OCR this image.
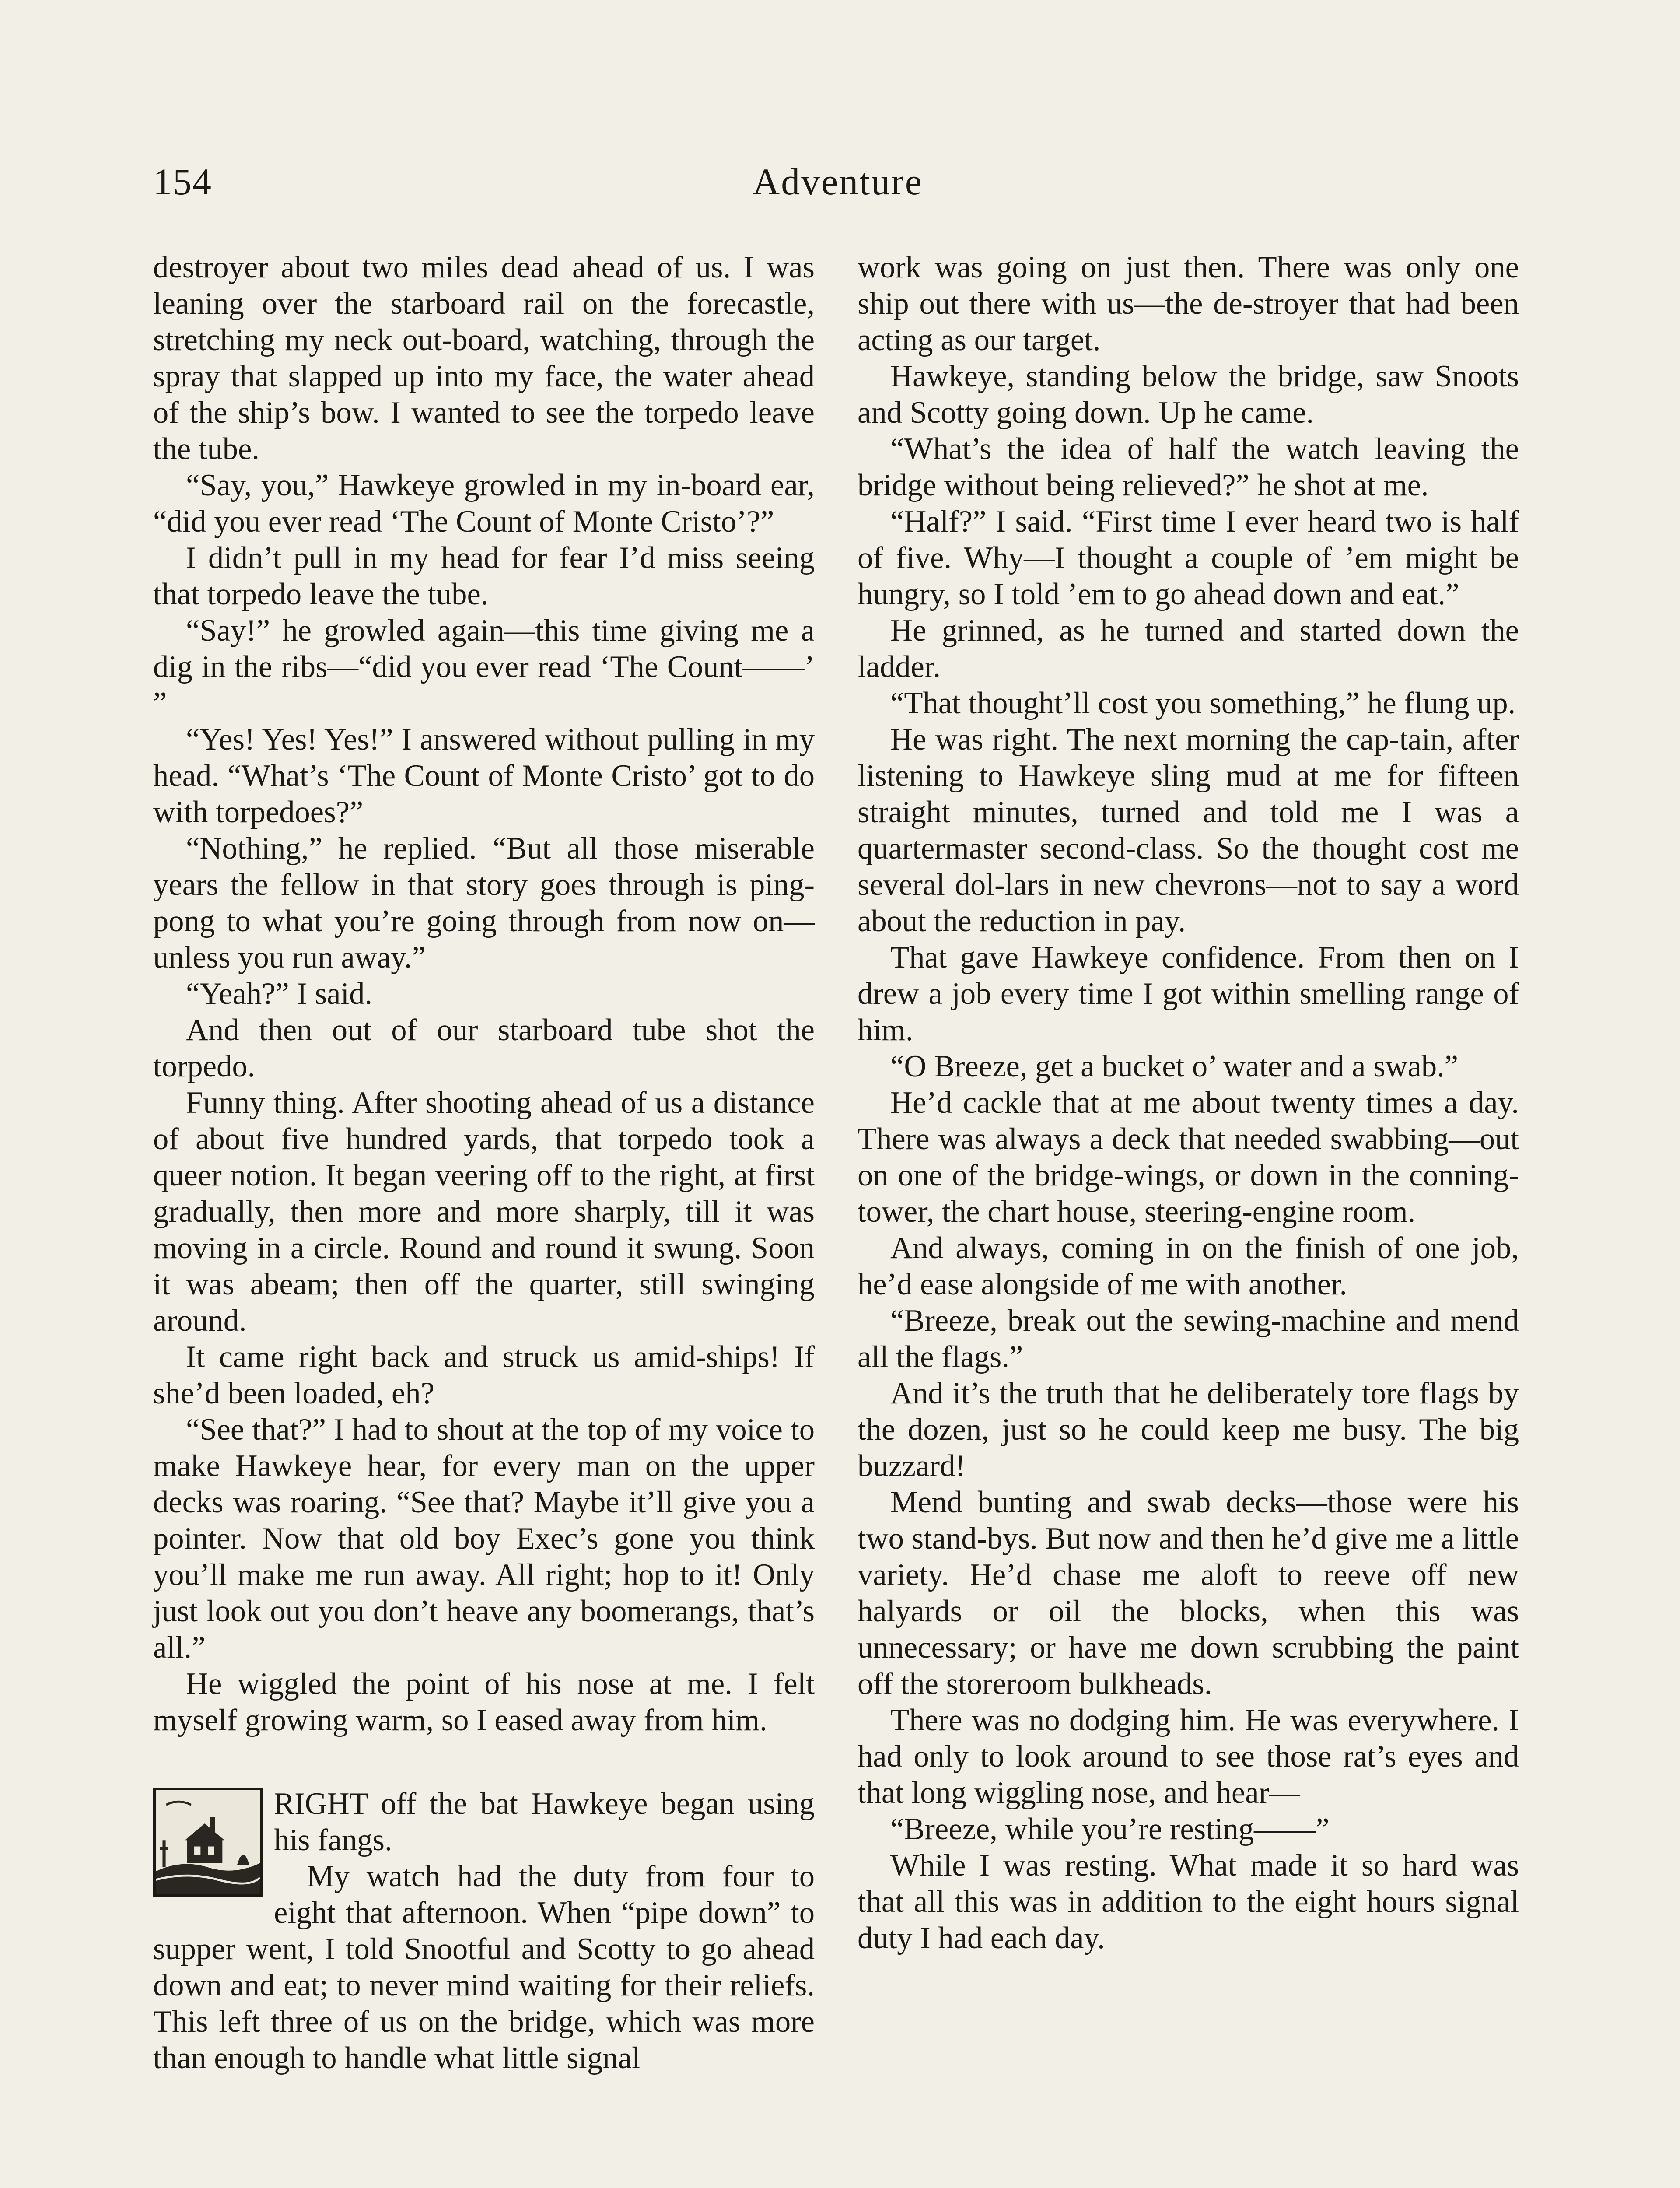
154	Adventure

destroyer about two miles dead ahead of us. I was leaning over the starboard rail on the forecastle, stretching my neck out-board, watching, through the spray that slapped up into my face, the water ahead of the ship’s bow. I wanted to see the torpedo leave the tube.

“Say, you,” Hawkeye growled in my in-board ear, “did you ever read ‘The Count of Monte Cristo’?”

I didn’t pull in my head for fear I’d miss seeing that torpedo leave the tube.

“Say!” he growled again—this time giving me a dig in the ribs—“did you ever read ‘The Count——’ ”

“Yes! Yes! Yes!” I answered without pulling in my head. “What’s ‘The Count of Monte Cristo’ got to do with torpedoes?”

“Nothing,” he replied. “But all those miserable years the fellow in that story goes through is ping-pong to what you’re going through from now on—unless you run away.”

“Yeah?” I said.

And then out of our starboard tube shot the torpedo.

Funny thing. After shooting ahead of us a distance of about five hundred yards, that torpedo took a queer notion. It began veering off to the right, at first gradually, then more and more sharply, till it was moving in a circle. Round and round it swung. Soon it was abeam; then off the quarter, still swinging around.

It came right back and struck us amid-ships! If she’d been loaded, eh?

“See that?” I had to shout at the top of my voice to make Hawkeye hear, for every man on the upper decks was roaring. “See that? Maybe it’ll give you a pointer. Now that old boy Exec’s gone you think you’ll make me run away. All right; hop to it! Only just look out you don’t heave any boomerangs, that’s all.”

He wiggled the point of his nose at me. I felt myself growing warm, so I eased away from him.

RIGHT off the bat Hawkeye began using his fangs.

My watch had the duty from four to eight that afternoon. When “pipe down” to supper went, I told Snootful and Scotty to go ahead down and eat; to never mind waiting for their reliefs. This left three of us on the bridge, which was more than enough to handle what little signal

work was going on just then. There was only one ship out there with us—the de-stroyer that had been acting as our target.

Hawkeye, standing below the bridge, saw Snoots and Scotty going down. Up he came.

“What’s the idea of half the watch leaving the bridge without being relieved?” he shot at me.

“Half?” I said. “First time I ever heard two is half of five. Why—I thought a couple of ’em might be hungry, so I told ’em to go ahead down and eat.”

He grinned, as he turned and started down the ladder.

“That thought’ll cost you something,” he flung up.

He was right. The next morning the cap-tain, after listening to Hawkeye sling mud at me for fifteen straight minutes, turned and told me I was a quartermaster second-class. So the thought cost me several dol-lars in new chevrons—not to say a word about the reduction in pay.

That gave Hawkeye confidence. From then on I drew a job every time I got within smelling range of him.

“O Breeze, get a bucket o’ water and a swab.”

He’d cackle that at me about twenty times a day. There was always a deck that needed swabbing—out on one of the bridge-wings, or down in the conning-tower, the chart house, steering-engine room.

And always, coming in on the finish of one job, he’d ease alongside of me with another.

“Breeze, break out the sewing-machine and mend all the flags.”

And it’s the truth that he deliberately tore flags by the dozen, just so he could keep me busy. The big buzzard!

Mend bunting and swab decks—those were his two stand-bys. But now and then he’d give me a little variety. He’d chase me aloft to reeve off new halyards or oil the blocks, when this was unnecessary; or have me down scrubbing the paint off the storeroom bulkheads.

There was no dodging him. He was everywhere. I had only to look around to see those rat’s eyes and that long wiggling nose, and hear—

“Breeze, while you’re resting——”

While I was resting. What made it so hard was that all this was in addition to the eight hours signal duty I had each day.
